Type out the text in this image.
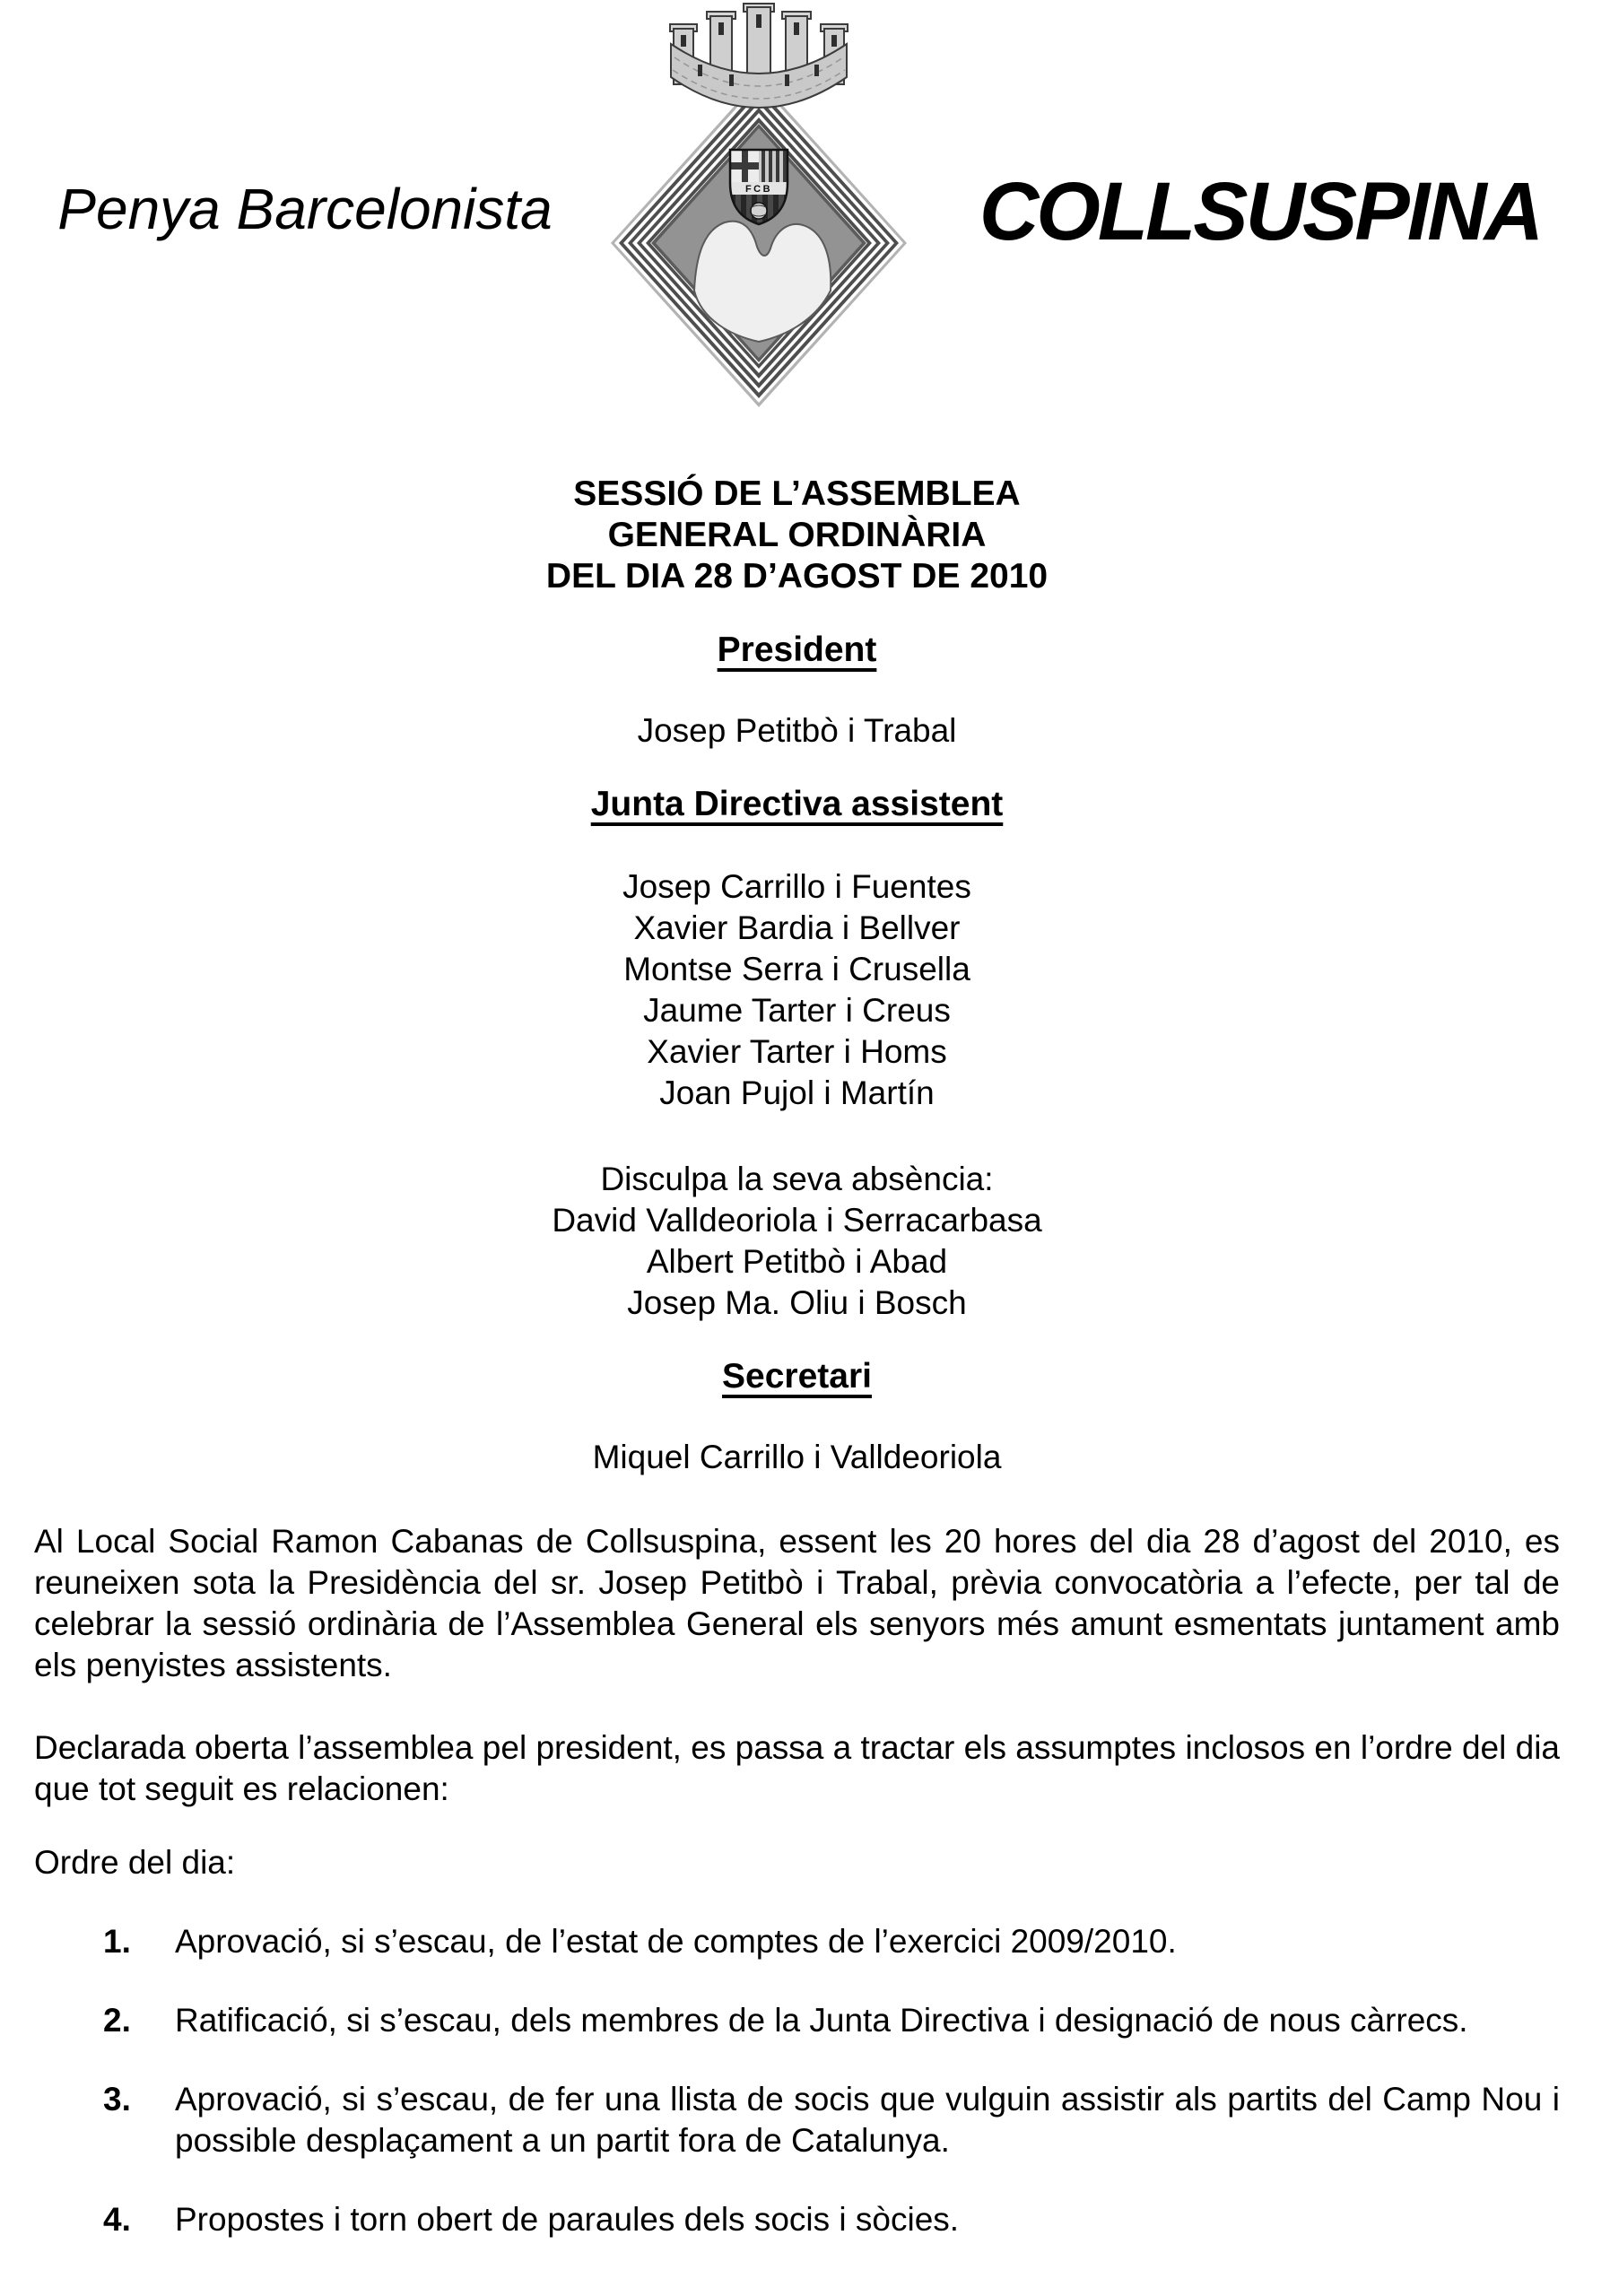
Penya Barcelonista	FCB	COLLSUSPINA
SESSIÓ DE L’ASSEMBLEA
GENERAL ORDINÀRIA
DEL DIA 28 D’AGOST DE 2010
President
Josep Petitbò i Trabal
Junta Directiva assistent
Josep Carrillo i Fuentes
Xavier Bardia i Bellver
Montse Serra i Crusella
Jaume Tarter i Creus
Xavier Tarter i Homs
Joan Pujol i Martín
Disculpa la seva absència:
David Valldeoriola i Serracarbasa
Albert Petitbò i Abad
Josep Ma. Oliu i Bosch
Secretari
Miquel Carrillo i Valldeoriola
Al Local Social Ramon Cabanas de Collsuspina, essent les 20 hores del dia 28 d’agost del 2010, es reuneixen sota la Presidència del sr. Josep Petitbò i Trabal, prèvia convocatòria a l’efecte, per tal de celebrar la sessió ordinària de l’Assemblea General els senyors més amunt esmentats juntament amb els penyistes assistents.
Declarada oberta l’assemblea pel president, es passa a tractar els assumptes inclosos en l’ordre del dia que tot seguit es relacionen:
Ordre del dia:
1.	Aprovació, si s’escau, de l’estat de comptes de l’exercici 2009/2010.
2.	Ratificació, si s’escau, dels membres de la Junta Directiva i designació de nous càrrecs.
3.	Aprovació, si s’escau, de fer una llista de socis que vulguin assistir als partits del Camp Nou i possible desplaçament a un partit fora de Catalunya.
4.	Propostes i torn obert de paraules dels socis i sòcies.
